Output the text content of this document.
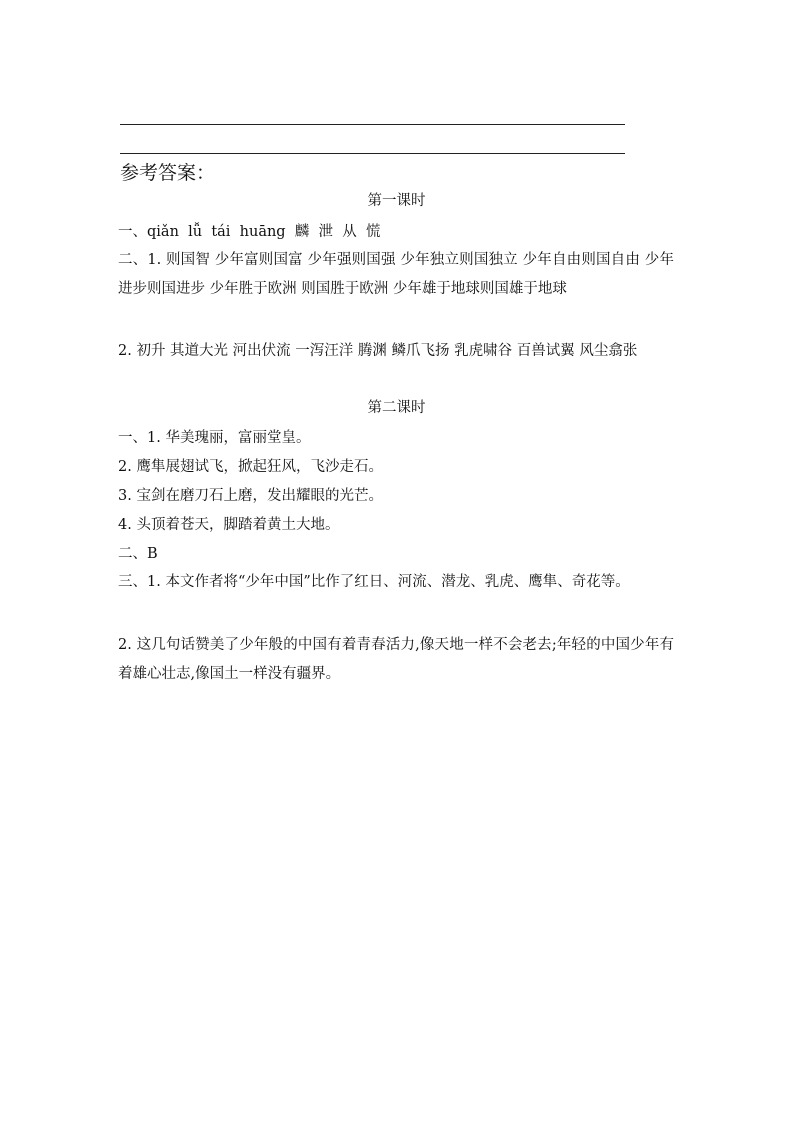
参考答案：
第一课时
一、qiǎn  lǚ  tái  huāng  麟  泄  从  慌
二、1. 则国智 少年富则国富 少年强则国强 少年独立则国独立 少年自由则国自由 少年进步则国进步 少年胜于欧洲 则国胜于欧洲 少年雄于地球则国雄于地球
2. 初升 其道大光 河出伏流 一泻汪洋 腾渊 鳞爪飞扬 乳虎啸谷 百兽试翼 风尘翕张
第二课时
一、1. 华美瑰丽，富丽堂皇。
2. 鹰隼展翅试飞，掀起狂风，飞沙走石。
3. 宝剑在磨刀石上磨，发出耀眼的光芒。
4. 头顶着苍天，脚踏着黄土大地。
二、B
三、1. 本文作者将“少年中国”比作了红日、河流、潜龙、乳虎、鹰隼、奇花等。
2. 这几句话赞美了少年般的中国有着青春活力,像天地一样不会老去;年轻的中国少年有着雄心壮志,像国土一样没有疆界。
